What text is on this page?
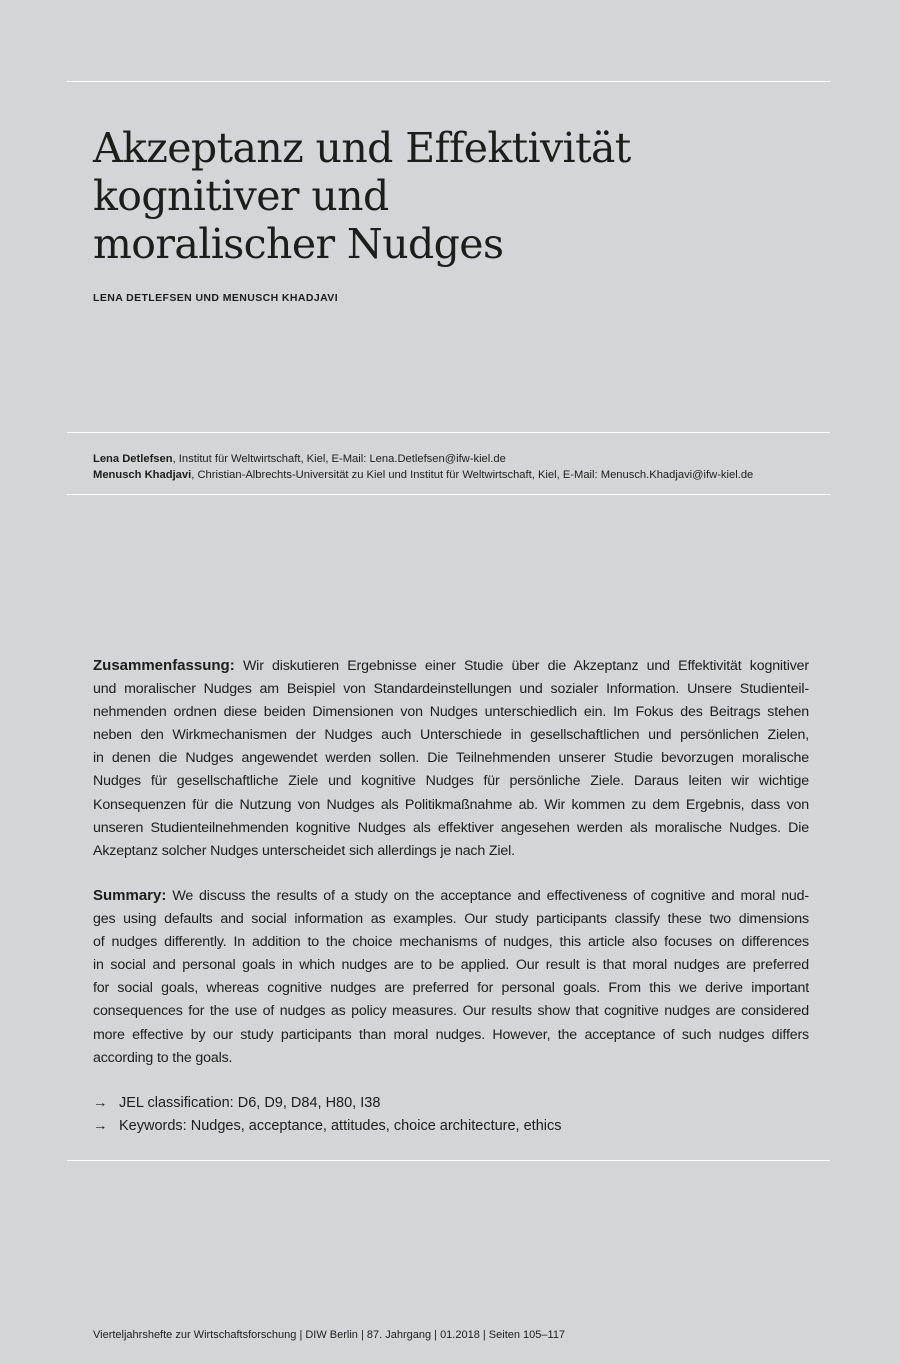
Akzeptanz und Effektivität
kognitiver und
moralischer Nudges
LENA DETLEFSEN UND MENUSCH KHADJAVI
Lena Detlefsen, Institut für Weltwirtschaft, Kiel, E-Mail: Lena.Detlefsen@ifw-kiel.de
Menusch Khadjavi, Christian-Albrechts-Universität zu Kiel und Institut für Weltwirtschaft, Kiel, E-Mail: Menusch.Khadjavi@ifw-kiel.de
Zusammenfassung: Wir diskutieren Ergebnisse einer Studie über die Akzeptanz und Effektivität kognitiver
und moralischer Nudges am Beispiel von Standardeinstellungen und sozialer Information. Unsere Studienteil-
nehmenden ordnen diese beiden Dimensionen von Nudges unterschiedlich ein. Im Fokus des Beitrags stehen
neben den Wirkmechanismen der Nudges auch Unterschiede in gesellschaftlichen und persönlichen Zielen,
in denen die Nudges angewendet werden sollen. Die Teilnehmenden unserer Studie bevorzugen moralische
Nudges für gesellschaftliche Ziele und kognitive Nudges für persönliche Ziele. Daraus leiten wir wichtige
Konsequenzen für die Nutzung von Nudges als Politikmaßnahme ab. Wir kommen zu dem Ergebnis, dass von
unseren Studienteilnehmenden kognitive Nudges als effektiver angesehen werden als moralische Nudges. Die
Akzeptanz solcher Nudges unterscheidet sich allerdings je nach Ziel.
Summary: We discuss the results of a study on the acceptance and effectiveness of cognitive and moral nud-
ges using defaults and social information as examples. Our study participants classify these two dimensions
of nudges differently. In addition to the choice mechanisms of nudges, this article also focuses on differences
in social and personal goals in which nudges are to be applied. Our result is that moral nudges are preferred
for social goals, whereas cognitive nudges are preferred for personal goals. From this we derive important
consequences for the use of nudges as policy measures. Our results show that cognitive nudges are considered
more effective by our study participants than moral nudges. However, the acceptance of such nudges differs
according to the goals.
→ JEL classification: D6, D9, D84, H80, I38
→ Keywords: Nudges, acceptance, attitudes, choice architecture, ethics
Vierteljahrshefte zur Wirtschaftsforschung | DIW Berlin | 87. Jahrgang | 01.2018 | Seiten 105–117
